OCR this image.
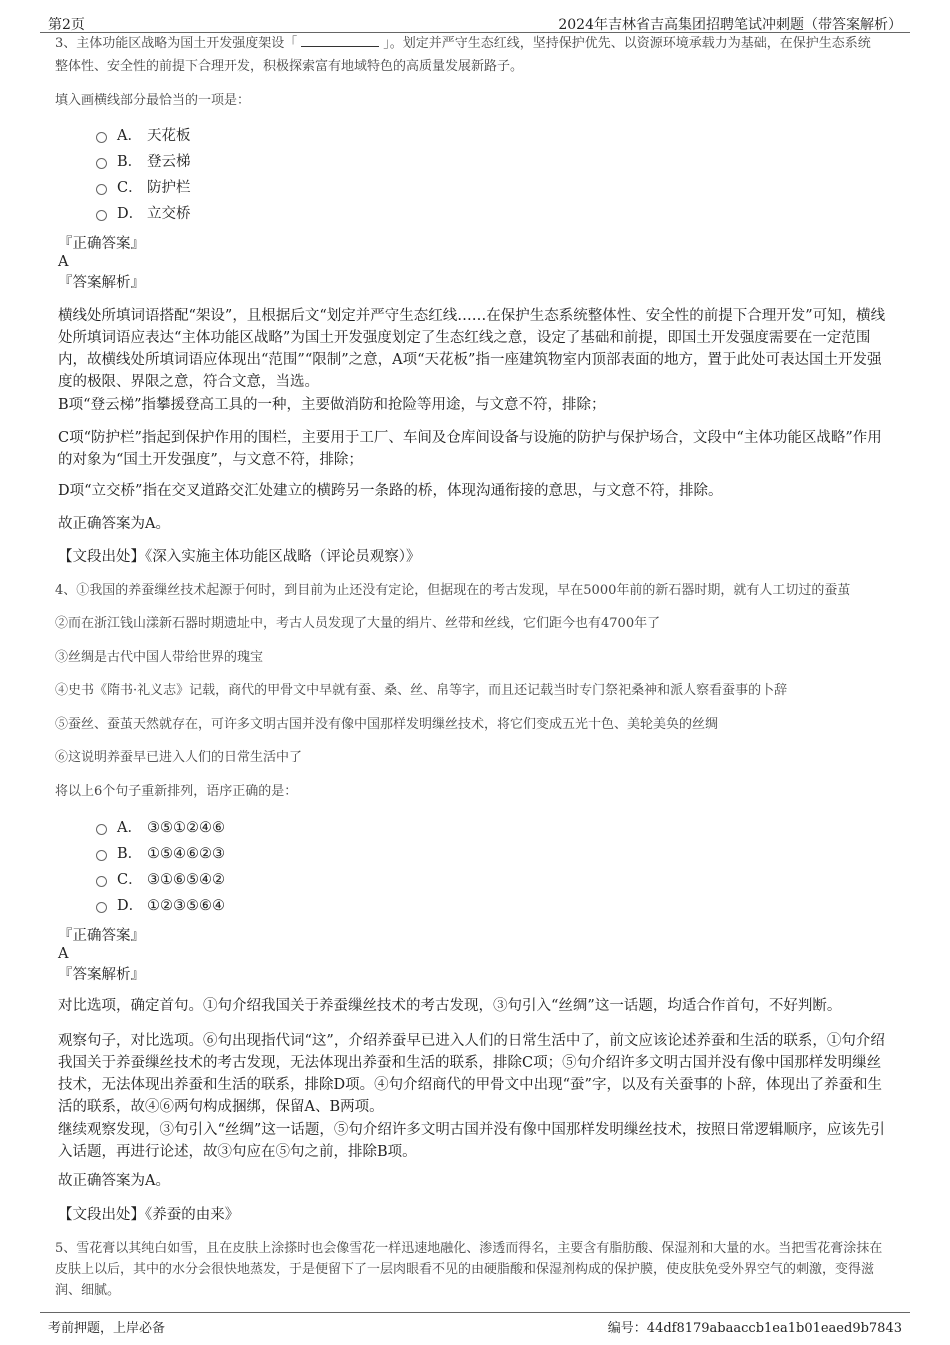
第2页	2024年吉林省吉高集团招聘笔试冲刺题（带答案解析）
3、主体功能区战略为国土开发强度架设「	」。划定并严守生态红线，坚持保护优先、以资源环境承载力为基础，在保护生态系统
整体性、安全性的前提下合理开发，积极探索富有地域特色的高质量发展新路子。
填入画横线部分最恰当的一项是：
A． 天花板
B． 登云梯
C． 防护栏
D． 立交桥
『正确答案』
A
『答案解析』
横线处所填词语搭配“架设”，且根据后文“划定并严守生态红线……在保护生态系统整体性、安全性的前提下合理开发”可知，横线处所填词语应表达“主体功能区战略”为国土开发强度划定了生态红线之意，设定了基础和前提，即国土开发强度需要在一定范围内，故横线处所填词语应体现出“范围”“限制”之意，A项“天花板”指一座建筑物室内顶部表面的地方，置于此处可表达国土开发强度的极限、界限之意，符合文意，当选。
B项“登云梯”指攀援登高工具的一种，主要做消防和抢险等用途，与文意不符，排除；
C项“防护栏”指起到保护作用的围栏，主要用于工厂、车间及仓库间设备与设施的防护与保护场合，文段中“主体功能区战略”作用的对象为“国土开发强度”，与文意不符，排除；
D项“立交桥”指在交叉道路交汇处建立的横跨另一条路的桥，体现沟通衔接的意思，与文意不符，排除。
故正确答案为A。
【文段出处】《深入实施主体功能区战略（评论员观察）》
4、①我国的养蚕缫丝技术起源于何时，到目前为止还没有定论，但据现在的考古发现，早在5000年前的新石器时期，就有人工切过的蚕茧
②而在浙江钱山漾新石器时期遗址中，考古人员发现了大量的绢片、丝带和丝线，它们距今也有4700年了
③丝绸是古代中国人带给世界的瑰宝
④史书《隋书·礼义志》记载，商代的甲骨文中早就有蚕、桑、丝、帛等字，而且还记载当时专门祭祀桑神和派人察看蚕事的卜辞
⑤蚕丝、蚕茧天然就存在，可许多文明古国并没有像中国那样发明缫丝技术，将它们变成五光十色、美轮美奂的丝绸
⑥这说明养蚕早已进入人们的日常生活中了
将以上6个句子重新排列，语序正确的是：
A． ③⑤①②④⑥
B． ①⑤④⑥②③
C． ③①⑥⑤④②
D． ①②③⑤⑥④
『正确答案』
A
『答案解析』
对比选项，确定首句。①句介绍我国关于养蚕缫丝技术的考古发现，③句引入“丝绸”这一话题，均适合作首句，不好判断。
观察句子，对比选项。⑥句出现指代词“这”，介绍养蚕早已进入人们的日常生活中了，前文应该论述养蚕和生活的联系，①句介绍我国关于养蚕缫丝技术的考古发现，无法体现出养蚕和生活的联系，排除C项；⑤句介绍许多文明古国并没有像中国那样发明缫丝技术，无法体现出养蚕和生活的联系，排除D项。④句介绍商代的甲骨文中出现“蚕”字，以及有关蚕事的卜辞，体现出了养蚕和生活的联系，故④⑥两句构成捆绑，保留A、B两项。
继续观察发现，③句引入“丝绸”这一话题，⑤句介绍许多文明古国并没有像中国那样发明缫丝技术，按照日常逻辑顺序，应该先引入话题，再进行论述，故③句应在⑤句之前，排除B项。
故正确答案为A。
【文段出处】《养蚕的由来》
5、雪花膏以其纯白如雪，且在皮肤上涂搽时也会像雪花一样迅速地融化、渗透而得名，主要含有脂肪酸、保湿剂和大量的水。当把雪花膏涂抹在皮肤上以后，其中的水分会很快地蒸发，于是便留下了一层肉眼看不见的由硬脂酸和保湿剂构成的保护膜，使皮肤免受外界空气的刺激，变得滋润、细腻。
考前押题，上岸必备	编号：44df8179abaaccb1ea1b01eaed9b7843
